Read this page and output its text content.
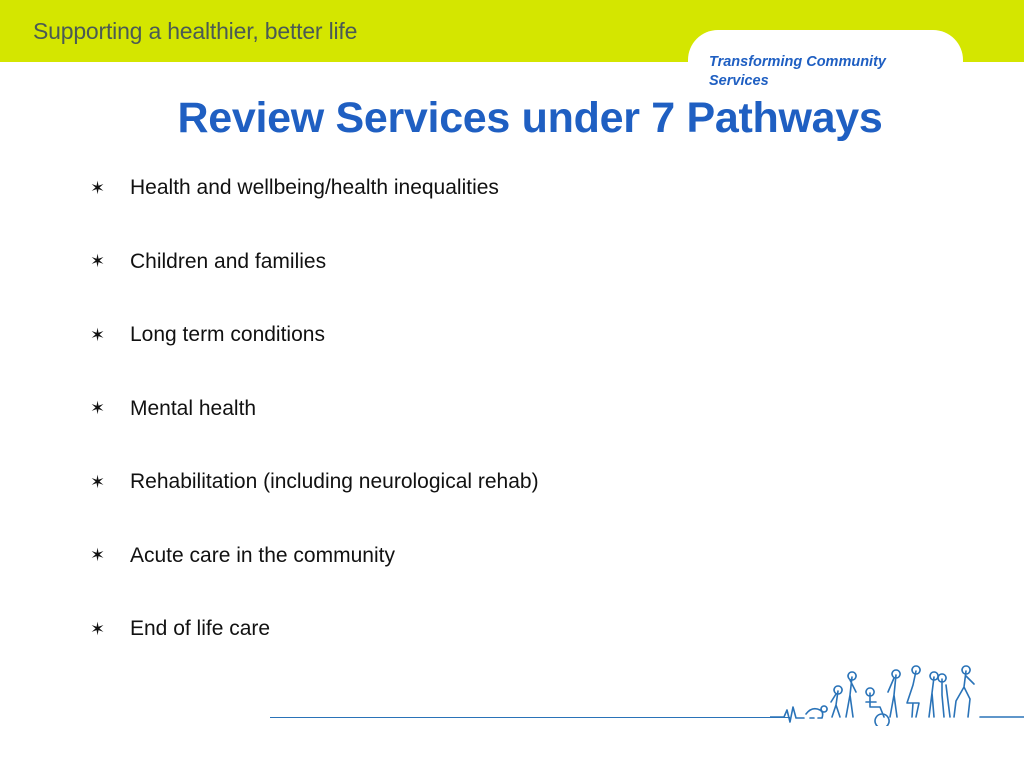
Supporting a healthier, better life
Transforming Community Services
Review Services under 7 Pathways
✶	Health and wellbeing/health inequalities
✶	Children and families
✶	Long term conditions
✶	Mental health
✶	Rehabilitation (including neurological rehab)
✶	Acute care in the community
✶	End of life care
